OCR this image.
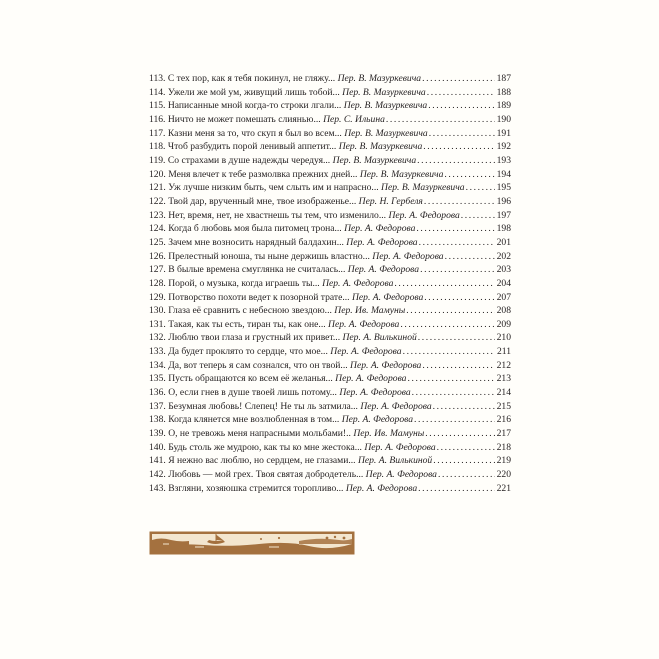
113. С тех пор, как я тебя покинул, не гляжу... Пер. В. Мазуркевича .....	187
114. Ужели же мой ум, живущий лишь тобой... Пер. В. Мазуркевича .....	188
115. Написанные мной когда-то строки лгали... Пер. В. Мазуркевича .....	189
116. Ничто не может помешать слиянью... Пер. С. Ильина .....	190
117. Казни меня за то, что скуп я был во всем... Пер. В. Мазуркевича .....	191
118. Чтоб разбудить порой ленивый аппетит... Пер. В. Мазуркевича .....	192
119. Со страхами в душе надежды чередуя... Пер. В. Мазуркевича .....	193
120. Меня влечет к тебе размолвка прежних дней... Пер. В. Мазуркевича .....	194
121. Уж лучше низким быть, чем слыть им и напрасно... Пер. В. Мазуркевича .....	195
122. Твой дар, врученный мне, твое изображенье... Пер. Н. Гербеля .....	196
123. Нет, время, нет, не хвастнешь ты тем, что изменило... Пер. А. Федорова .....	197
124. Когда б любовь моя была питомец трона... Пер. А. Федорова .....	198
125. Зачем мне возносить нарядный балдахин... Пер. А. Федорова .....	201
126. Прелестный юноша, ты ныне держишь властно... Пер. А. Федорова .....	202
127. В былые времена смуглянка не считалась... Пер. А. Федорова .....	203
128. Порой, о музыка, когда играешь ты... Пер. А. Федорова .....	204
129. Потворство похоти ведет к позорной трате... Пер. А. Федорова .....	207
130. Глаза её сравнить с небесною звездою... Пер. Ив. Мамуны .....	208
131. Такая, как ты есть, тиран ты, как оне... Пер. А. Федорова .....	209
132. Люблю твои глаза и грустный их привет... Пер. А. Вилькиной .....	210
133. Да будет проклято то сердце, что мое... Пер. А. Федорова .....	211
134. Да, вот теперь я сам сознался, что он твой... Пер. А. Федорова .....	212
135. Пусть обращаются ко всем её желанья... Пер. А. Федорова .....	213
136. О, если гнев в душе твоей лишь потому... Пер. А. Федорова .....	214
137. Безумная любовь! Слепец! Не ты ль затмила... Пер. А. Федорова .....	215
138. Когда клянется мне возлюбленная в том... Пер. А. Федорова .....	216
139. О, не тревожь меня напрасными мольбами!.. Пер. Ив. Мамуны .....	217
140. Будь столь же мудрою, как ты ко мне жестока... Пер. А. Федорова .....	218
141. Я нежно вас люблю, но сердцем, не глазами... Пер. А. Вилькиной .....	219
142. Любовь — мой грех. Твоя святая добродетель... Пер. А. Федорова .....	220
143. Взгляни, хозяюшка стремится торопливо... Пер. А. Федорова .....	221
